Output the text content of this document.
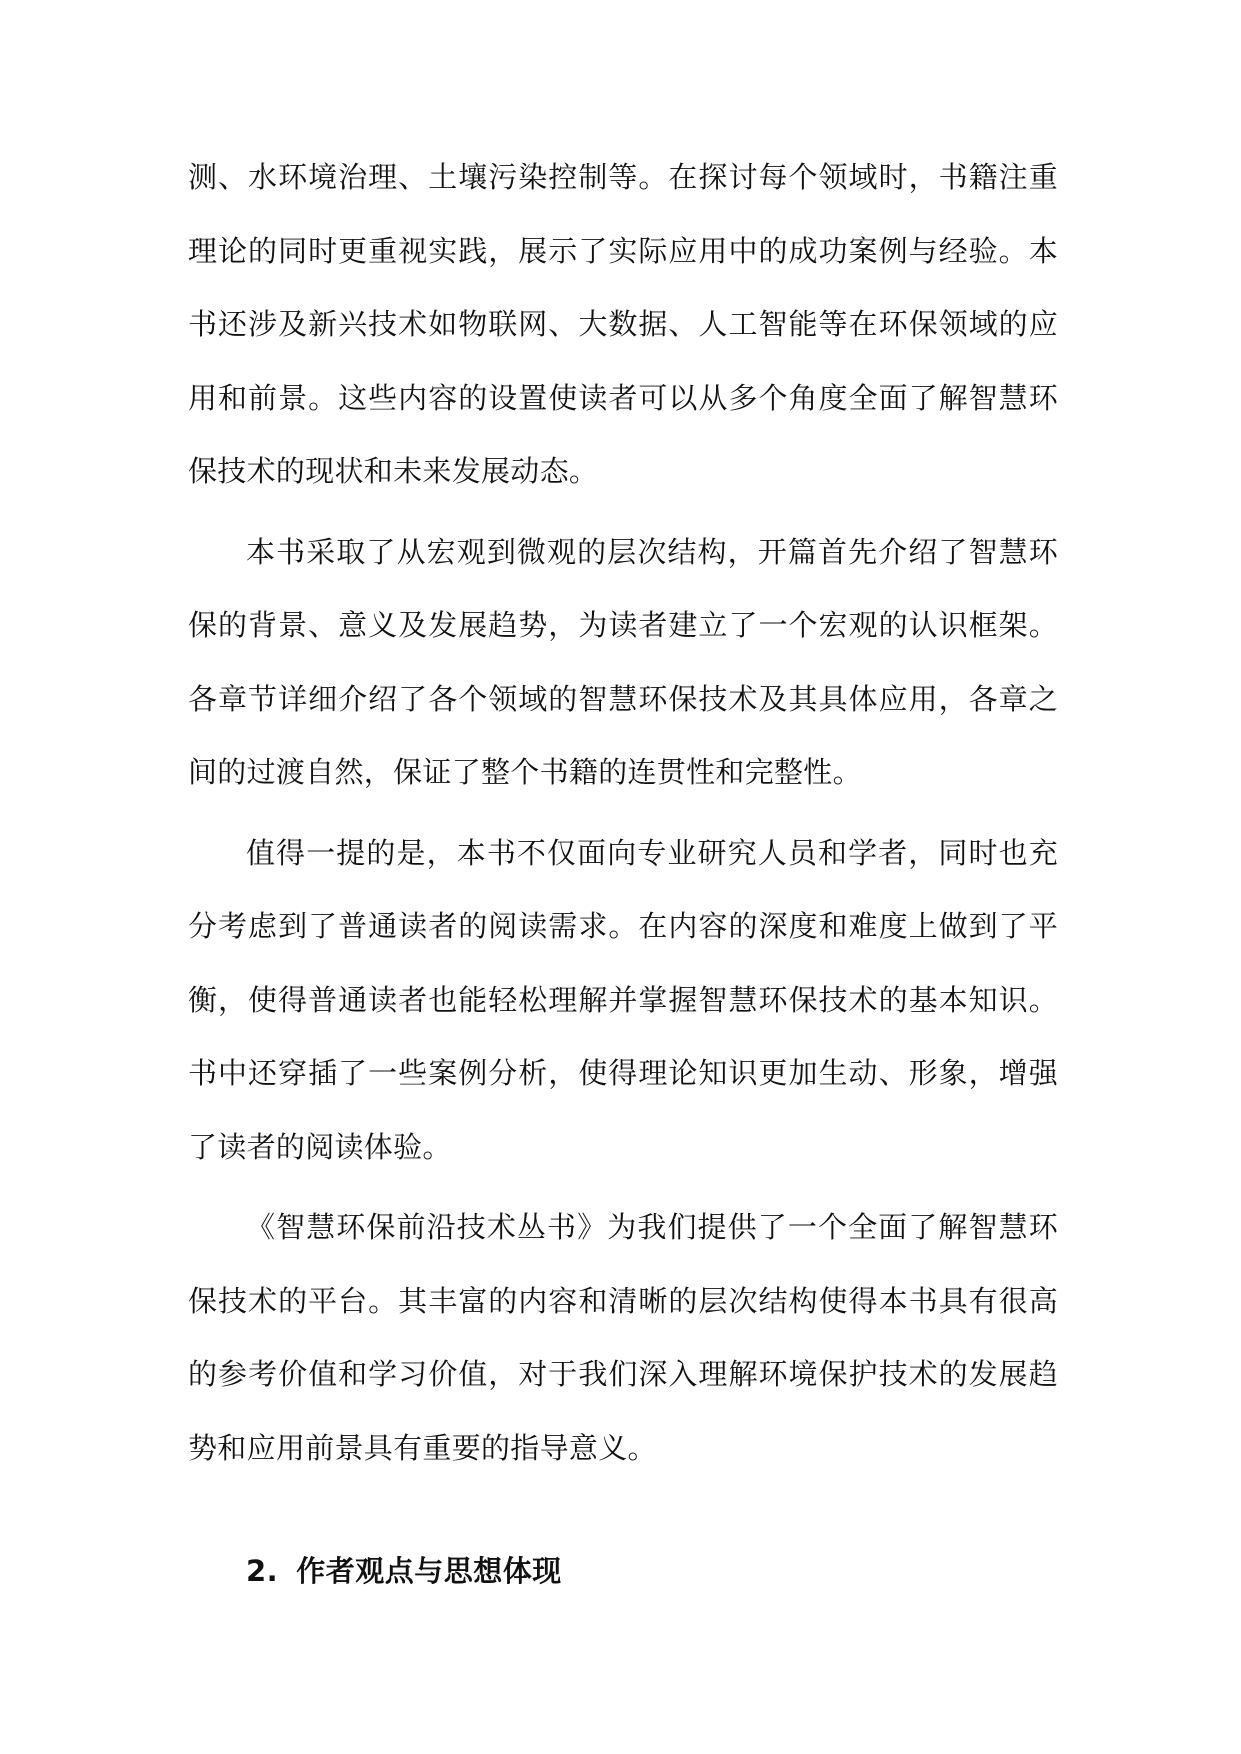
测、水环境治理、土壤污染控制等。在探讨每个领域时，书籍注重理论的同时更重视实践，展示了实际应用中的成功案例与经验。本书还涉及新兴技术如物联网、大数据、人工智能等在环保领域的应用和前景。这些内容的设置使读者可以从多个角度全面了解智慧环保技术的现状和未来发展动态。

本书采取了从宏观到微观的层次结构，开篇首先介绍了智慧环保的背景、意义及发展趋势，为读者建立了一个宏观的认识框架。各章节详细介绍了各个领域的智慧环保技术及其具体应用，各章之间的过渡自然，保证了整个书籍的连贯性和完整性。

值得一提的是，本书不仅面向专业研究人员和学者，同时也充分考虑到了普通读者的阅读需求。在内容的深度和难度上做到了平衡，使得普通读者也能轻松理解并掌握智慧环保技术的基本知识。书中还穿插了一些案例分析，使得理论知识更加生动、形象，增强了读者的阅读体验。

《智慧环保前沿技术丛书》为我们提供了一个全面了解智慧环保技术的平台。其丰富的内容和清晰的层次结构使得本书具有很高的参考价值和学习价值，对于我们深入理解环境保护技术的发展趋势和应用前景具有重要的指导意义。

2. 作者观点与思想体现
